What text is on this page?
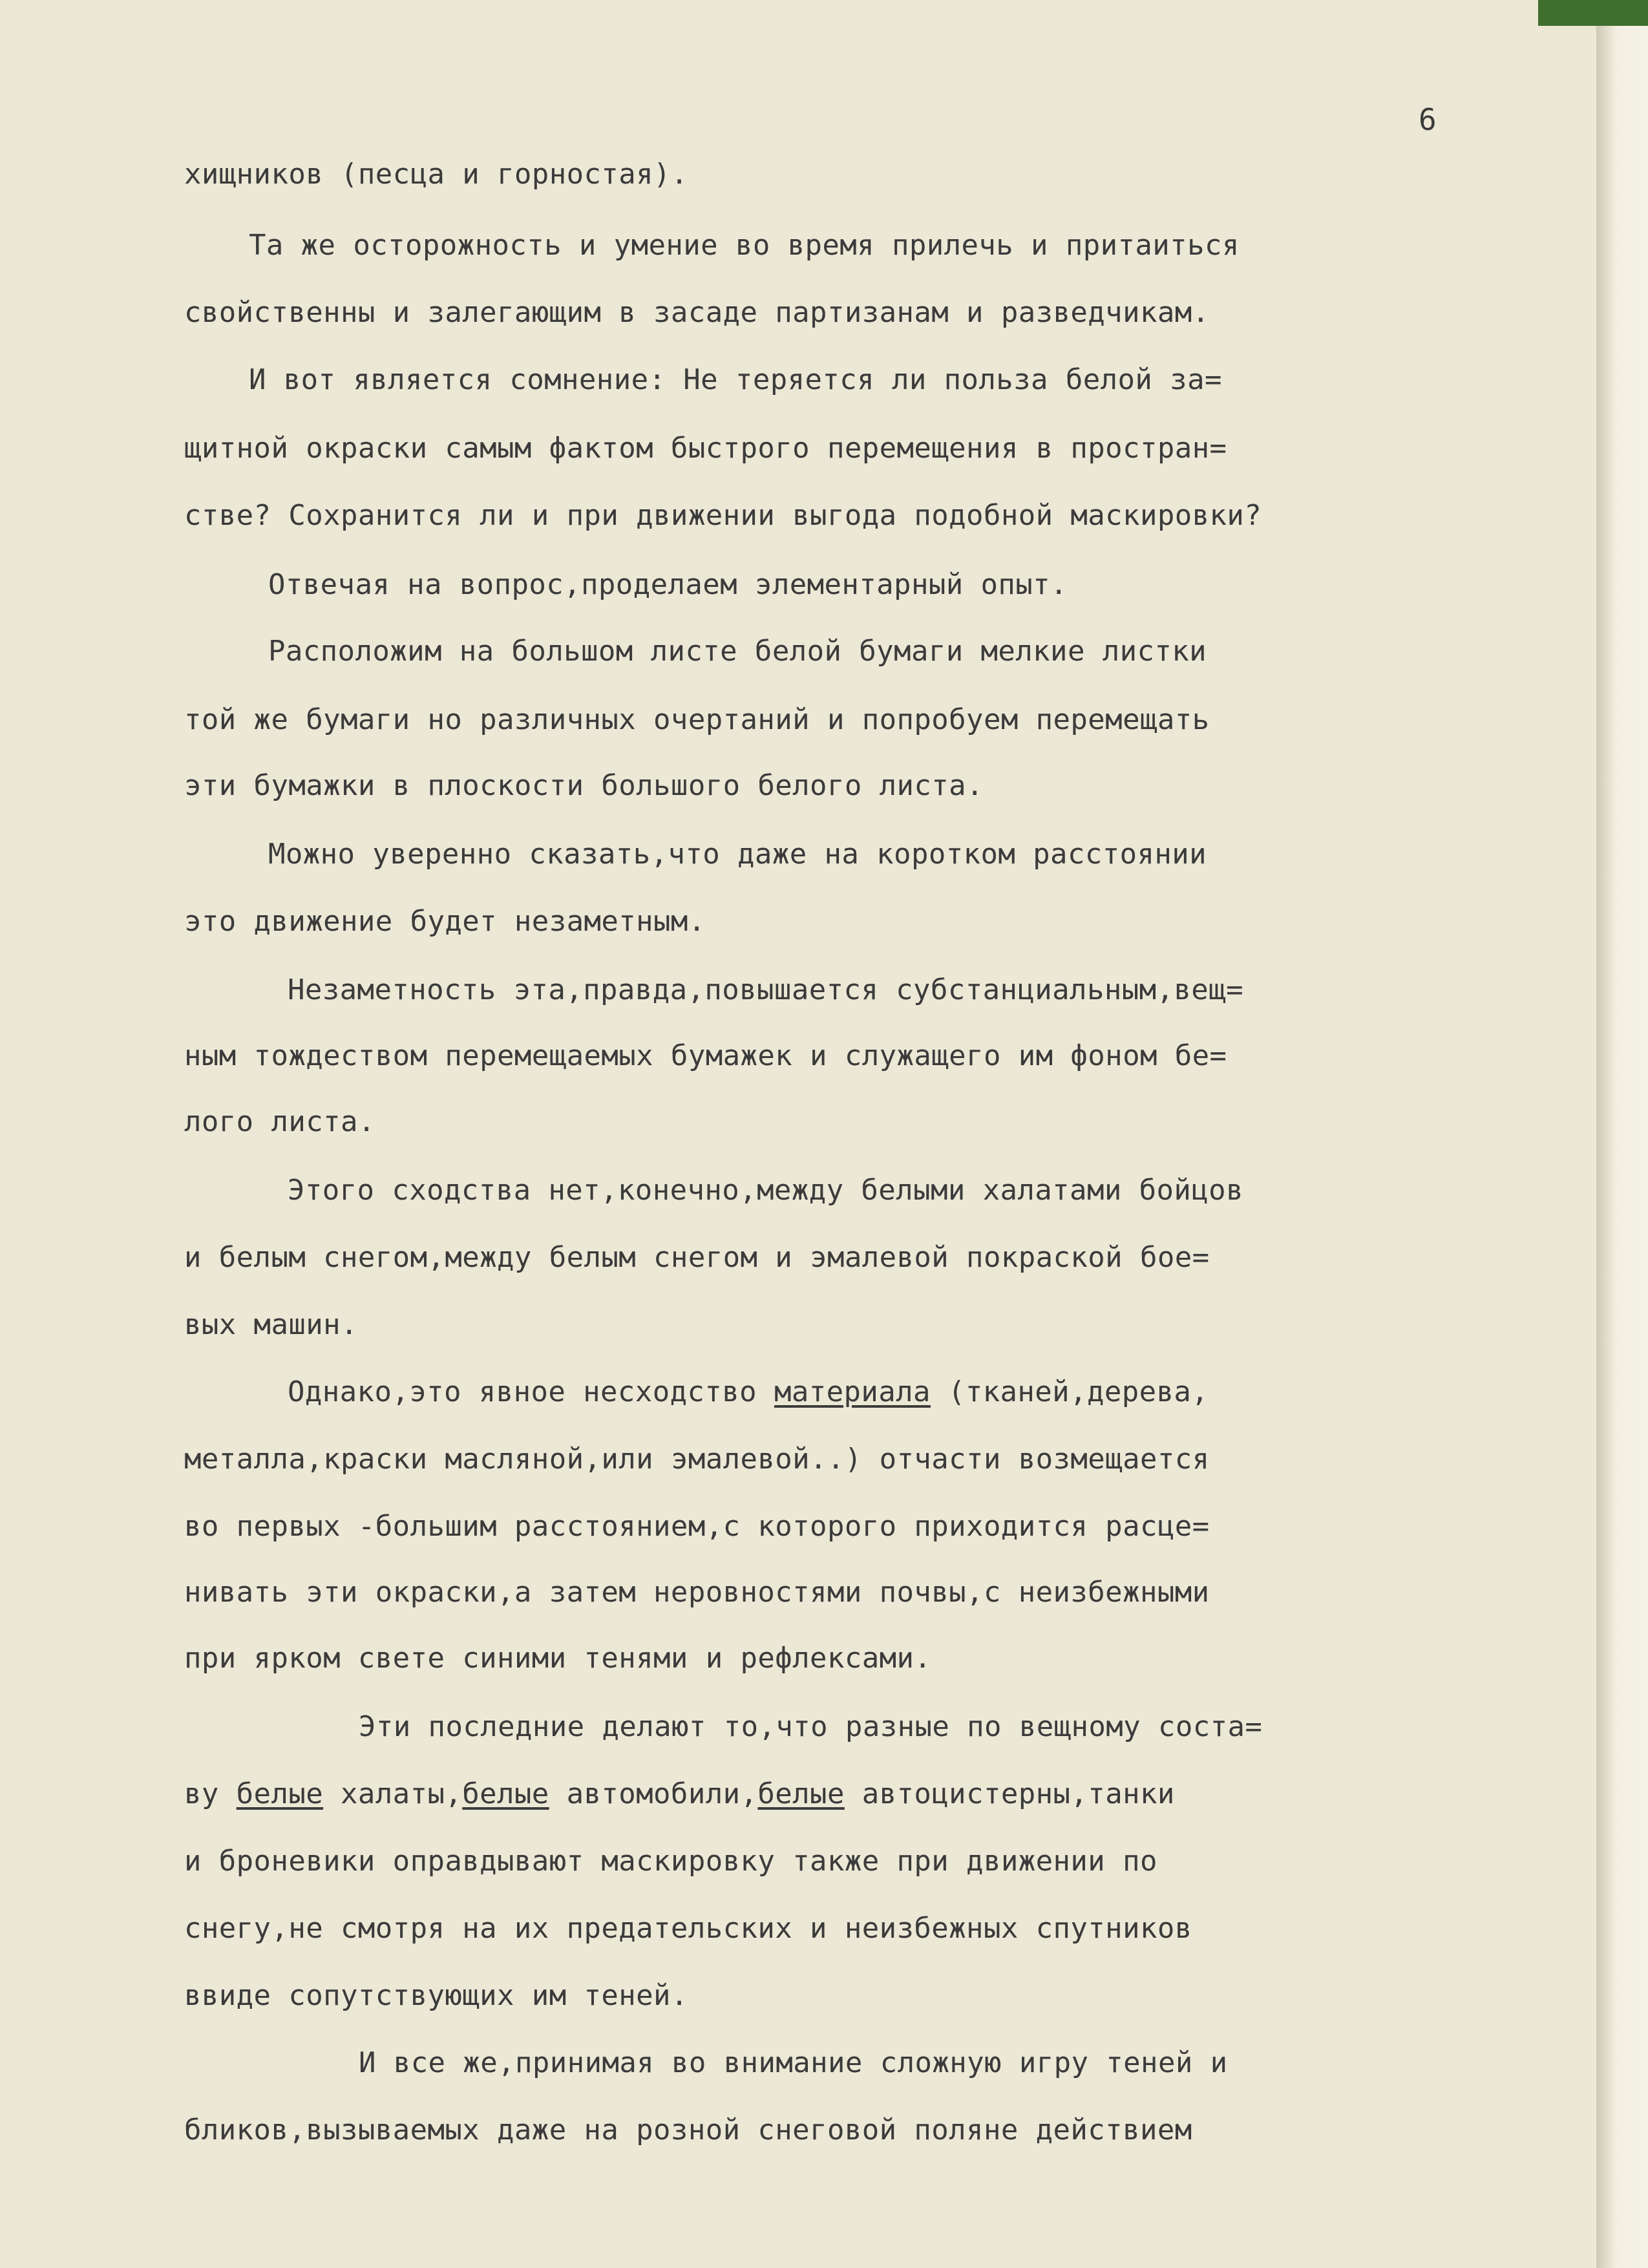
6

хищников (песца и горностая).

Та же осторожность и умение во время прилечь и притаиться

свойственны и залегающим в засаде партизанам и разведчикам.

И вот является сомнение: Не теряется ли польза белой за=

щитной окраски самым фактом быстрого перемещения в простран=

стве? Сохранится ли и при движении выгода подобной маскировки?

Отвечая на вопрос,проделаем элементарный опыт.

Расположим на большом листе белой бумаги мелкие листки

той же бумаги но различных очертаний и попробуем перемещать

эти бумажки в плоскости большого белого листа.

Можно уверенно сказать,что даже на коротком расстоянии

это движение будет незаметным.

Незаметность эта,правда,повышается субстанциальным,вещ=

ным тождеством перемещаемых бумажек и служащего им фоном бе=

лого листа.

Этого сходства нет,конечно,между белыми халатами бойцов

и белым снегом,между белым снегом и эмалевой покраской бое=

вых машин.

Однако,это явное несходство материала (тканей,дерева,

металла,краски масляной,или эмалевой..) отчасти возмещается

во первых -большим расстоянием,с которого приходится расце=

нивать эти окраски,а затем неровностями почвы,с неизбежными

при ярком свете синими тенями и рефлексами.

Эти последние делают то,что разные по вещному соста=

ву белые халаты,белые автомобили,белые автоцистерны,танки

и броневики оправдывают маскировку также при движении по

снегу,не смотря на их предательских и неизбежных спутников

ввиде сопутствующих им теней.

И все же,принимая во внимание сложную игру теней и

бликов,вызываемых даже на розной снеговой поляне действием
